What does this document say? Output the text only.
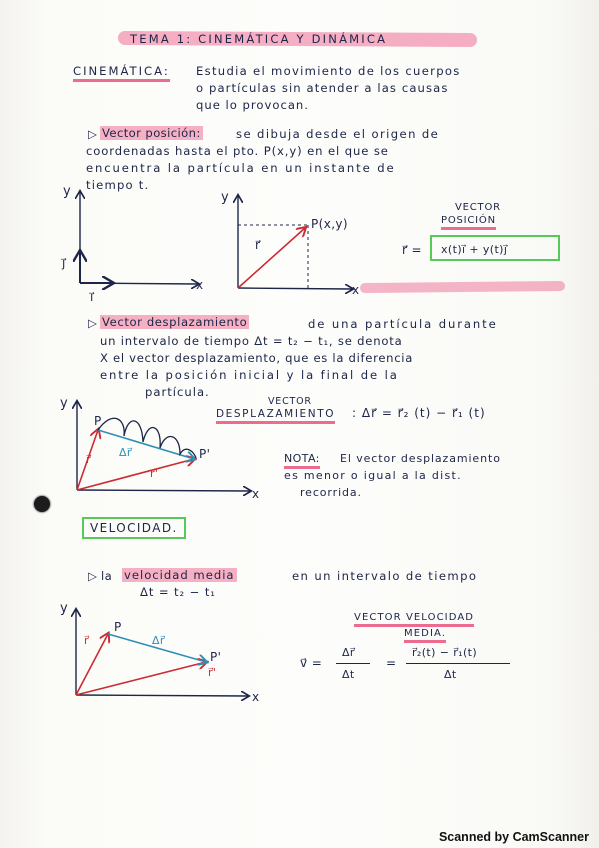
TEMA 1: CINEMÁTICA Y DINÁMICA
CINEMÁTICA: Estudia el movimiento de los cuerpos
o partículas sin atender a las causas
que lo provocan.
▷ Vector posición:	se dibuja desde el origen de
coordenadas hasta el pto. P(x,y) en el que se
encuentra la partícula en un instante de
tiempo t.
y
x
j⃗
i⃗
y
x
r⃗
P(x,y)
VECTOR
POSICIÓN
r⃗ = x(t)i⃗ + y(t)j⃗
▷ Vector desplazamiento	de una partícula durante
un intervalo de tiempo Δt = t₂ − t₁, se denota
X el vector desplazamiento, que es la diferencia
entre la posición inicial y la final de la
partícula.
VECTOR
DESPLAZAMIENTO : Δr⃗ = r⃗₂ (t) − r⃗₁ (t)
y
x
P
P'
r⃗
r⃗'
Δr⃗	NOTA: El vector desplazamiento
es menor o igual a la dist.
recorrida.
VELOCIDAD.
▷ la velocidad media	en un intervalo de tiempo
Δt = t₂ − t₁
y
x
P
P'
r⃗
r⃗'
Δr⃗
VECTOR VELOCIDAD
MEDIA.
v⃗ =
Δr⃗
Δt
=
r⃗₂(t) − r⃗₁(t)
Δt
Scanned by CamScanner
